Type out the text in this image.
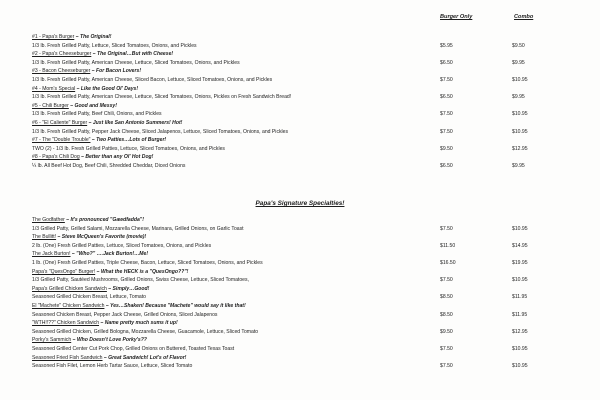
Burger Only	Combo
#1 - Papa's Burger – The Original!
1/3 lb. Fresh Grilled Patty, Lettuce, Sliced Tomatoes, Onions, and Pickles	$5.95	$9.50
#2 - Papa's Cheeseburger – The Original…But with Cheese!
1/3 lb. Fresh Grilled Patty, American Cheese, Lettuce, Sliced Tomatoes, Onions, and Pickles	$6.50	$9.95
#3 - Bacon Cheeseburger – For Bacon Lovers!
1/3 lb. Fresh Grilled Patty, American Cheese, Sliced Bacon, Lettuce, Sliced Tomatoes, Onions, and Pickles	$7.50	$10.95
#4 - Mom's Special – Like the Good Ol' Days!
1/3 lb. Fresh Grilled Patty, American Cheese, Lettuce, Sliced Tomatoes, Onions, Pickles on Fresh Sandwich Bread!	$6.50	$9.95
#5 - Chili Burger – Good and Messy!
1/3 lb. Fresh Grilled Patty, Beef Chili, Onions, and Pickles	$7.50	$10.95
#6 - "El Caliente" Burger – Just like San Antonio Summers! Hot!
1/3 lb. Fresh Grilled Patty, Pepper Jack Cheese, Sliced Jalapenos, Lettuce, Sliced Tomatoes, Onions, and Pickles	$7.50	$10.95
#7 - The "Double Trouble" – Two Patties…Lots of Burger!
TWO (2) - 1/3 lb. Fresh Grilled Patties, Lettuce, Sliced Tomatoes, Onions, and Pickles	$9.50	$12.95
#8 - Papa's Chili Dog – Better than any Ol' Hot Dog!
¼ lb. All Beef Hot Dog, Beef Chili, Shredded Cheddar, Diced Onions	$6.50	$9.95
Papa's Signature Specialties!
The Godfather – It's pronounced "Gawdfadda"!
1/3 Grilled Patty, Grilled Salami, Mozzarella Cheese, Marinara, Grilled Onions, on Garlic Toast	$7.50	$10.95
The Bullitt! – Steve McQueen's Favorite (movie)!
2 lb. (One) Fresh Grilled Patties, Lettuce, Sliced Tomatoes, Onions, and Pickles	$11.50	$14.95
The Jack Burton! – "Who?" ….Jack Burton!…Me!
1 lb. (One) Fresh Grilled Patties, Triple Cheese, Bacon, Lettuce, Sliced Tomatoes, Onions, and Pickles	$16.50	$19.95
Papa's "QuesOngo" Burger! – What the HECK is a "QuesOngo??"!
1/3 Grilled Patty, Sautéed Mushrooms, Grilled Onions, Swiss Cheese, Lettuce, Sliced Tomatoes,	$7.50	$10.95
Papa's Grilled Chicken Sandwich – Simply…Good!
Seasoned Grilled Chicken Breast, Lettuce, Tomato	$8.50	$11.95
El "Machete" Chicken Sandwich – Yes…Shaken! Because "Machete" would say it like that!
Seasoned Chicken Breast, Pepper Jack Cheese, Grilled Onions, Sliced Jalapenos	$8.50	$11.95
"WTH!!??" Chicken Sandwich – Name pretty much sums it up!
Seasoned Grilled Chicken, Grilled Bologna, Mozzarella Cheese, Guacamole, Lettuce, Sliced Tomato	$9.50	$12.95
Porky's Sammich – Who Doesn't Love Porky's??
Seasoned Grilled Center Cut Pork Chop, Grilled Onions on Buttered, Toasted Texas Toast	$7.50	$10.95
Seasoned Fried Fish Sandwich – Great Sandwich! Lot's of Flavor!
Seasoned Fish Filet, Lemon Herb Tartar Sauce, Lettuce, Sliced Tomato	$7.50	$10.95
